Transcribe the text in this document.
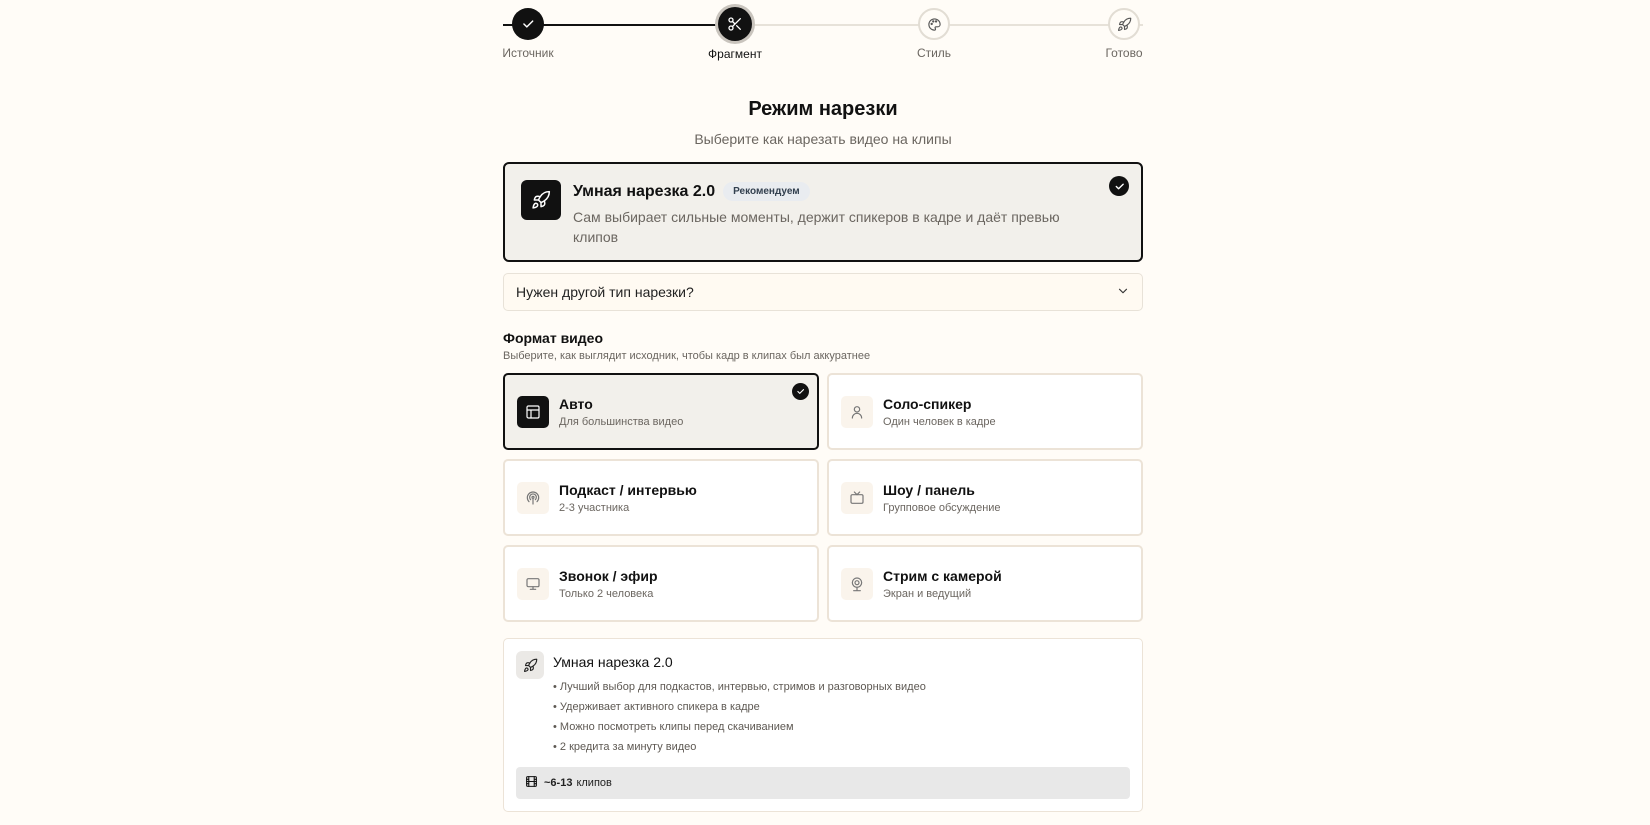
Источник	Фрагмент	Стиль	Готово
Режим нарезки
Выберите как нарезать видео на клипы
Умная нарезка 2.0	Рекомендуем
Сам выбирает сильные моменты, держит спикеров в кадре и даёт превью клипов
Нужен другой тип нарезки?
Формат видео
Выберите, как выглядит исходник, чтобы кадр в клипах был аккуратнее
Авто
Для большинства видео
Соло-спикер
Один человек в кадре
Подкаст / интервью
2-3 участника
Шоу / панель
Групповое обсуждение
Звонок / эфир
Только 2 человека
Стрим с камерой
Экран и ведущий
Умная нарезка 2.0
• Лучший выбор для подкастов, интервью, стримов и разговорных видео
• Удерживает активного спикера в кадре
• Можно посмотреть клипы перед скачиванием
• 2 кредита за минуту видео
~6-13 клипов
